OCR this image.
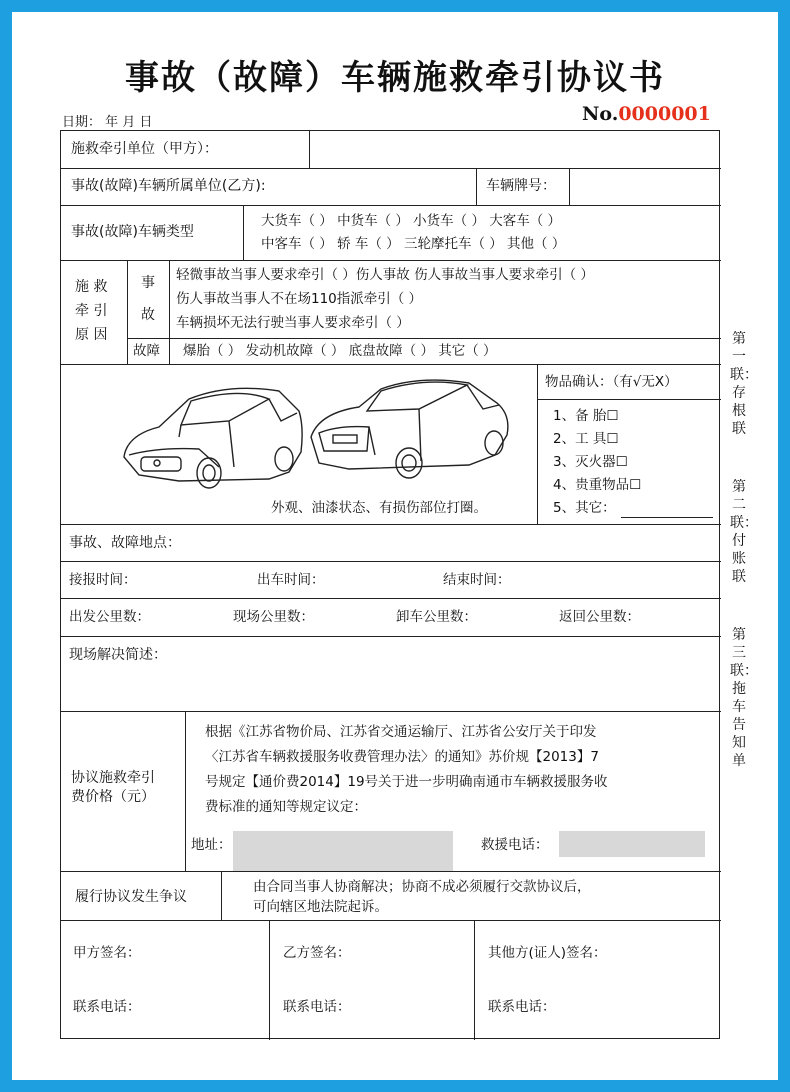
事故（故障）车辆施救牵引协议书
日期： 年 月 日	No.0000001
第一联：存根联
第二联：付账联
第三联：拖车告知单
施救牵引单位（甲方）：
事故(故障)车辆所属单位(乙方):	车辆牌号：
事故(故障)车辆类型
大货车（ ） 中货车（ ） 小货车（ ） 大客车（ ）
中客车（ ） 轿 车（ ） 三轮摩托车（ ） 其他（ ）
施 救
牵 引
原 因
事
故
轻微事故当事人要求牵引（ ）伤人事故 伤人事故当事人要求牵引（ ）
伤人事故当事人不在场110指派牵引（ ）
车辆损坏无法行驶当事人要求牵引（ ）
故障 爆胎（ ） 发动机故障（ ） 底盘故障（ ） 其它（ ）
外观、油漆状态、有损伤部位打圈。
物品确认：（有√无X）
1、备 胎☐
2、工 具☐
3、灭火器☐
4、贵重物品☐
5、其它：
事故、故障地点：
接报时间：	出车时间：	结束时间：
出发公里数：	现场公里数：	卸车公里数：	返回公里数：
现场解决简述：
协议施救牵引
费价格（元）
根据《江苏省物价局、江苏省交通运输厅、江苏省公安厅关于印发
〈江苏省车辆救援服务收费管理办法〉的通知》苏价规【2013】7
号规定【通价费2014】19号关于进一步明确南通市车辆救援服务收
费标准的通知等规定议定：
地址：	救援电话：
履行协议发生争议
由合同当事人协商解决；协商不成必须履行交款协议后，
可向辖区地法院起诉。
甲方签名：	乙方签名：	其他方(证人)签名：
联系电话：	联系电话：	联系电话：
